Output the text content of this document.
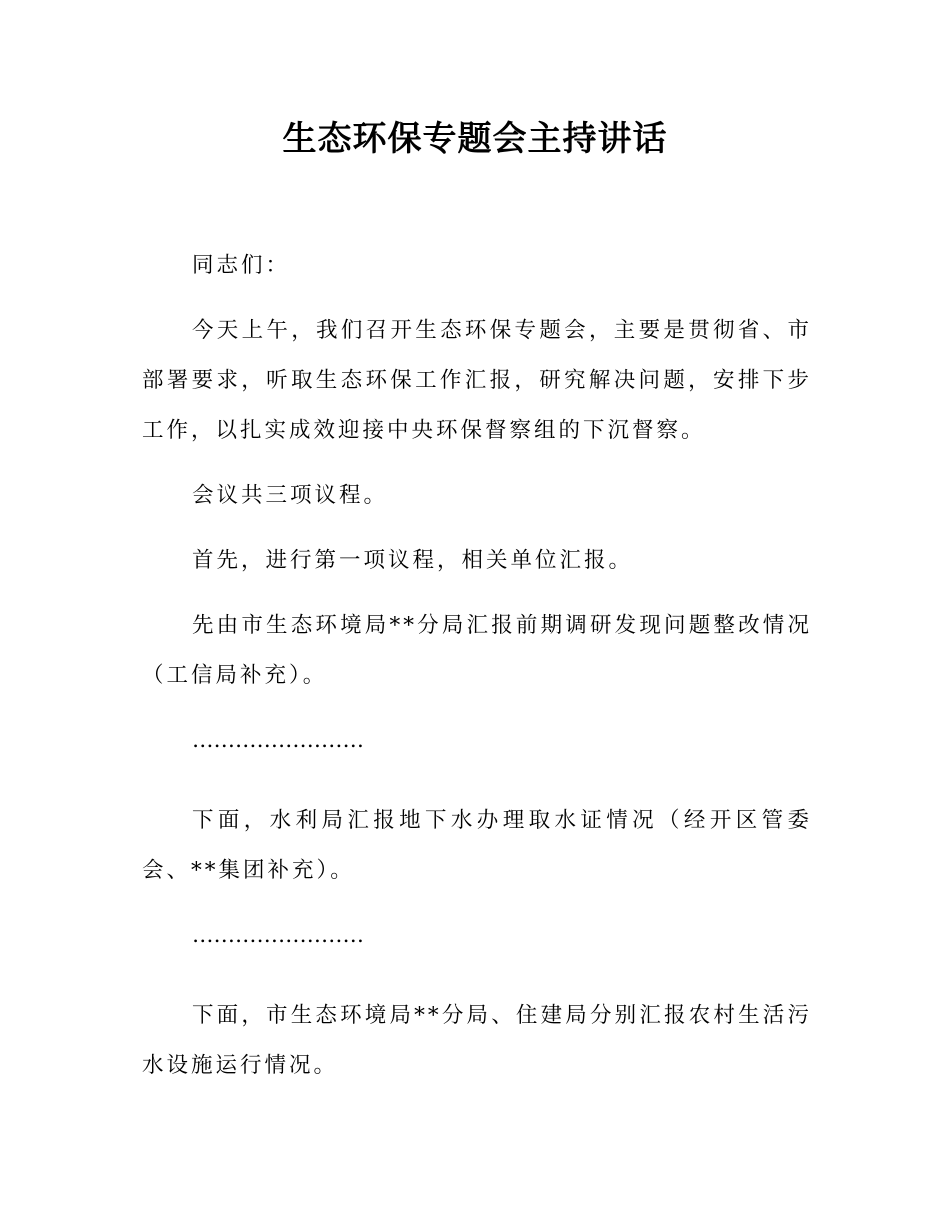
生态环保专题会主持讲话

同志们：

今天上午，我们召开生态环保专题会，主要是贯彻省、市部署要求，听取生态环保工作汇报，研究解决问题，安排下步工作，以扎实成效迎接中央环保督察组的下沉督察。

会议共三项议程。

首先，进行第一项议程，相关单位汇报。

先由市生态环境局**分局汇报前期调研发现问题整改情况（工信局补充）。

……………………

下面，水利局汇报地下水办理取水证情况（经开区管委会、**集团补充）。

……………………

下面，市生态环境局**分局、住建局分别汇报农村生活污水设施运行情况。
